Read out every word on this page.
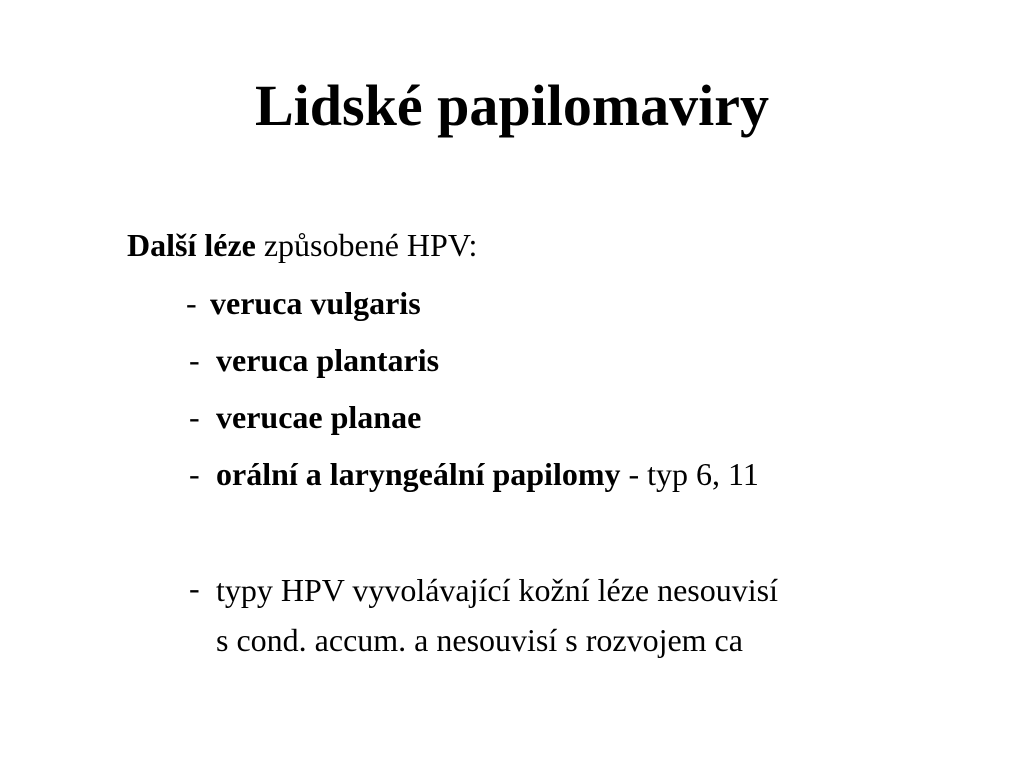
Lidské papilomaviry
Další léze způsobené HPV:
-veruca vulgaris
- veruca plantaris
- verucae planae
- orální a laryngeální papilomy - typ 6, 11
- typy HPV vyvolávající kožní léze nesouvisí
s cond. accum. a nesouvisí s rozvojem ca
